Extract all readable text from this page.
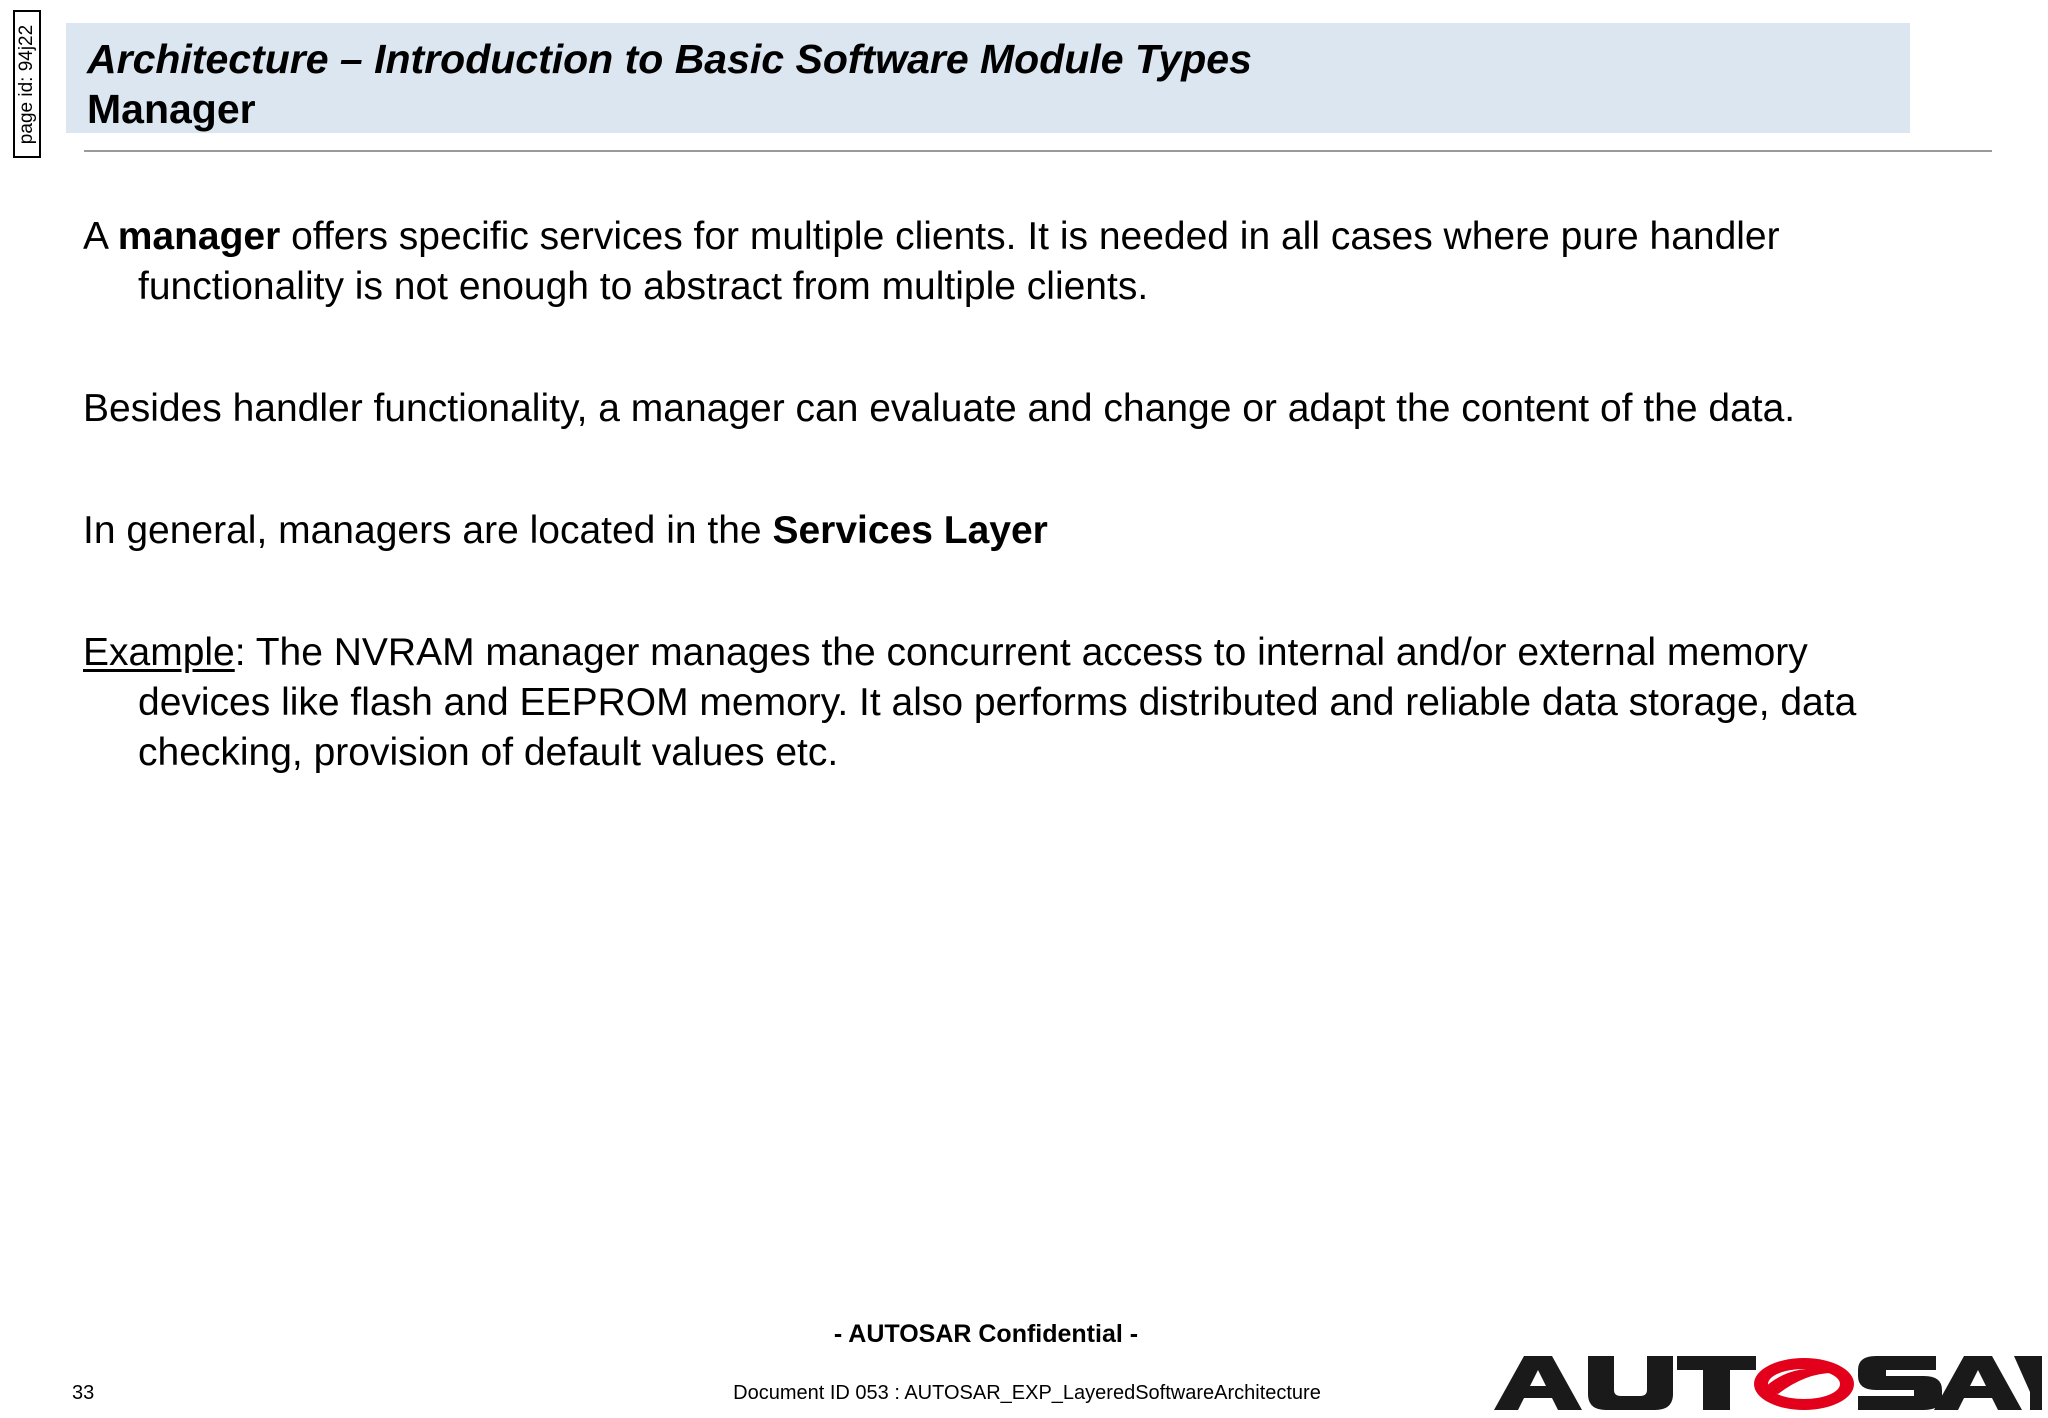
page id: 94j22 Architecture – Introduction to Basic Software Module Types
Manager

A manager offers specific services for multiple clients. It is needed in all cases where pure handler functionality is not enough to abstract from multiple clients.

Besides handler functionality, a manager can evaluate and change or adapt the content of the data.

In general, managers are located in the Services Layer

Example: The NVRAM manager manages the concurrent access to internal and/or external memory devices like flash and EEPROM memory. It also performs distributed and reliable data storage, data checking, provision of default values etc.

- AUTOSAR Confidential -
33	Document ID 053 : AUTOSAR_EXP_LayeredSoftwareArchitecture
